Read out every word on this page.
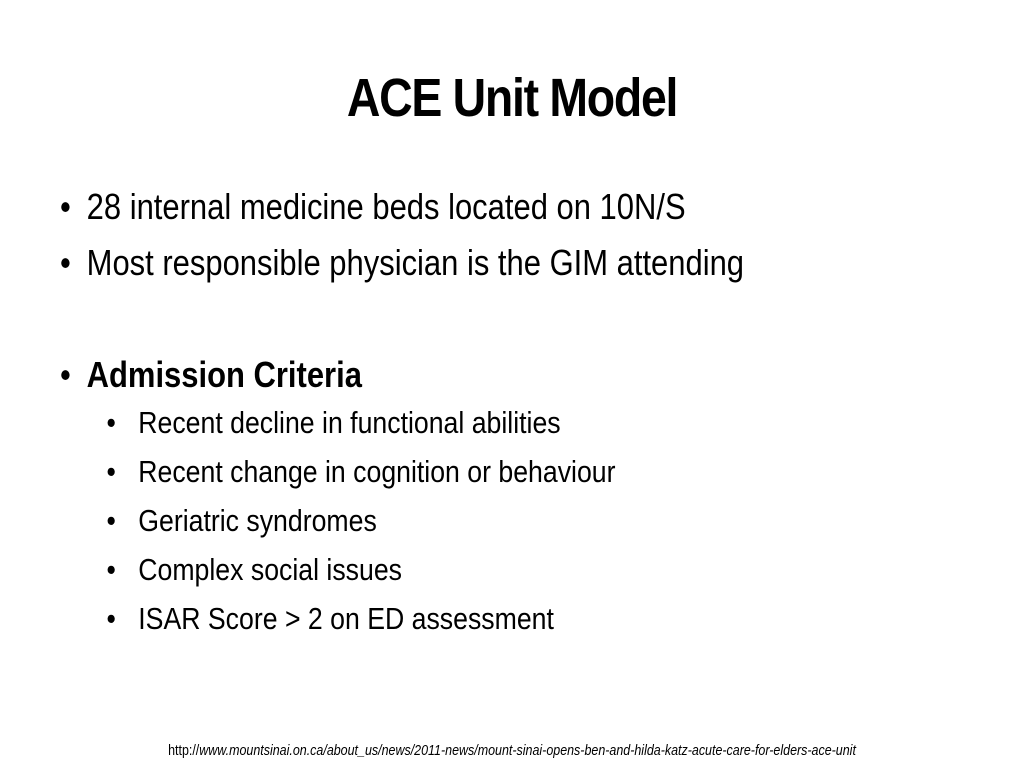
ACE Unit Model
• 28 internal medicine beds located on 10N/S
• Most responsible physician is the GIM attending
• Admission Criteria
• Recent decline in functional abilities
• Recent change in cognition or behaviour
• Geriatric syndromes
• Complex social issues
• ISAR Score > 2 on ED assessment
http://www.mountsinai.on.ca/about_us/news/2011-news/mount-sinai-opens-ben-and-hilda-katz-acute-care-for-elders-ace-unit
